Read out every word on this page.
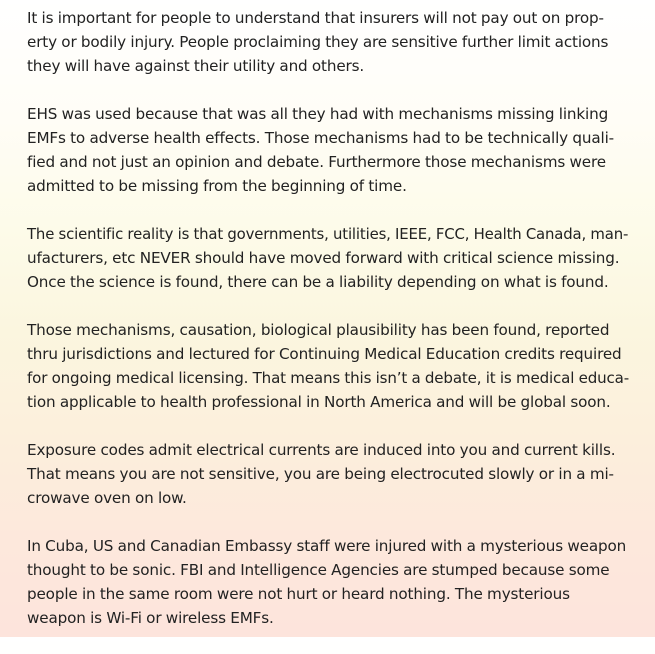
It is important for people to understand that insurers will not pay out on prop-
erty or bodily injury. People proclaiming they are sensitive further limit actions
they will have against their utility and others.

EHS was used because that was all they had with mechanisms missing linking
EMFs to adverse health effects. Those mechanisms had to be technically quali-
fied and not just an opinion and debate. Furthermore those mechanisms were
admitted to be missing from the beginning of time.

The scientific reality is that governments, utilities, IEEE, FCC, Health Canada, man-
ufacturers, etc NEVER should have moved forward with critical science missing.
Once the science is found, there can be a liability depending on what is found.

Those mechanisms, causation, biological plausibility has been found, reported
thru jurisdictions and lectured for Continuing Medical Education credits required
for ongoing medical licensing. That means this isn’t a debate, it is medical educa-
tion applicable to health professional in North America and will be global soon.

Exposure codes admit electrical currents are induced into you and current kills.
That means you are not sensitive, you are being electrocuted slowly or in a mi-
crowave oven on low.

In Cuba, US and Canadian Embassy staff were injured with a mysterious weapon
thought to be sonic. FBI and Intelligence Agencies are stumped because some
people in the same room were not hurt or heard nothing. The mysterious
weapon is Wi-Fi or wireless EMFs.
